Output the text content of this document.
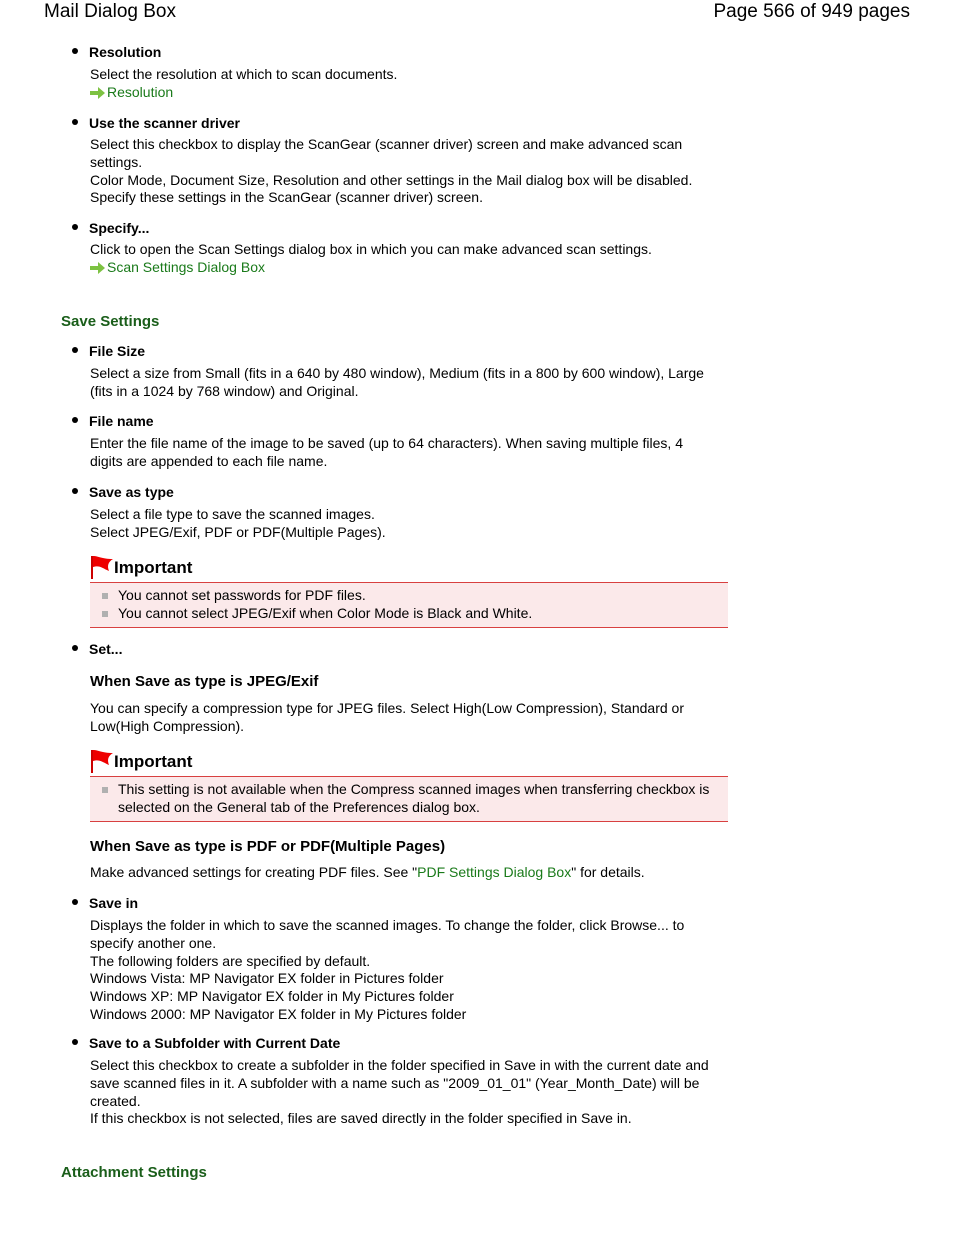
Mail Dialog Box	Page 566 of 949 pages
Resolution
Select the resolution at which to scan documents.
Resolution
Use the scanner driver
Select this checkbox to display the ScanGear (scanner driver) screen and make advanced scan
settings.
Color Mode, Document Size, Resolution and other settings in the Mail dialog box will be disabled.
Specify these settings in the ScanGear (scanner driver) screen.
Specify...
Click to open the Scan Settings dialog box in which you can make advanced scan settings.
Scan Settings Dialog Box
Save Settings
File Size
Select a size from Small (fits in a 640 by 480 window), Medium (fits in a 800 by 600 window), Large
(fits in a 1024 by 768 window) and Original.
File name
Enter the file name of the image to be saved (up to 64 characters). When saving multiple files, 4
digits are appended to each file name.
Save as type
Select a file type to save the scanned images.
Select JPEG/Exif, PDF or PDF(Multiple Pages).
Important
You cannot set passwords for PDF files.
You cannot select JPEG/Exif when Color Mode is Black and White.
Set...
When Save as type is JPEG/Exif
You can specify a compression type for JPEG files. Select High(Low Compression), Standard or
Low(High Compression).
Important
This setting is not available when the Compress scanned images when transferring checkbox is selected on the General tab of the Preferences dialog box.
When Save as type is PDF or PDF(Multiple Pages)
Make advanced settings for creating PDF files. See " PDF Settings Dialog Box " for details.
Save in
Displays the folder in which to save the scanned images. To change the folder, click Browse... to
specify another one.
The following folders are specified by default.
Windows Vista: MP Navigator EX folder in Pictures folder
Windows XP: MP Navigator EX folder in My Pictures folder
Windows 2000: MP Navigator EX folder in My Pictures folder
Save to a Subfolder with Current Date
Select this checkbox to create a subfolder in the folder specified in Save in with the current date and
save scanned files in it. A subfolder with a name such as "2009_01_01" (Year_Month_Date) will be
created.
If this checkbox is not selected, files are saved directly in the folder specified in Save in.
Attachment Settings
